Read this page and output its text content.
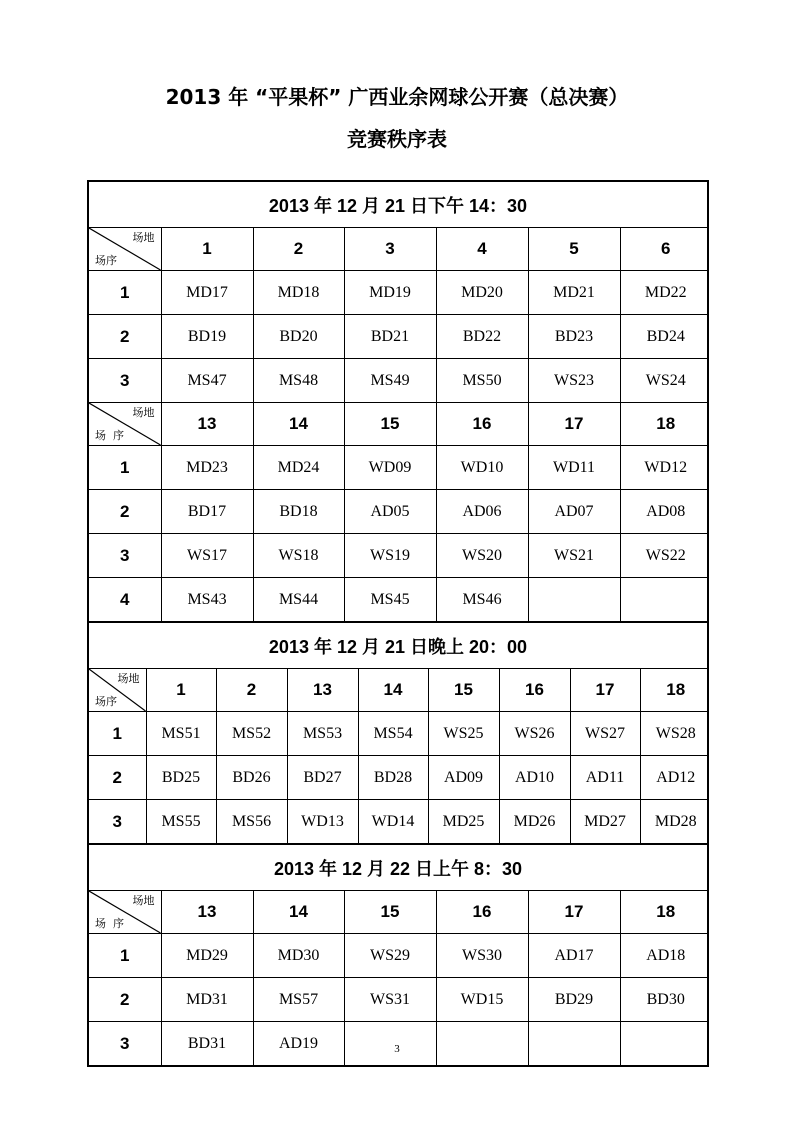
2013 年 “平果杯” 广西业余网球公开赛（总决赛）
竞赛秩序表
2013 年 12 月 21 日下午 14：30

场地
场序
	1	2	3	4	5	6
1	MD17	MD18	MD19	MD20	MD21	MD22
2	BD19	BD20	BD21	BD22	BD23	BD24
3	MS47	MS48	MS49	MS50	WS23	WS24

场地
场  序
	13	14	15	16	17	18
1	MD23	MD24	WD09	WD10	WD11	WD12
2	BD17	BD18	AD05	AD06	AD07	AD08
3	WS17	WS18	WS19	WS20	WS21	WS22
4	MS43	MS44	MS45	MS46		

2013 年 12 月 21 日晚上 20：00

场地
场序
	1	2	13	14	15	16	17	18
1	MS51	MS52	MS53	MS54	WS25	WS26	WS27	WS28
2	BD25	BD26	BD27	BD28	AD09	AD10	AD11	AD12
3	MS55	MS56	WD13	WD14	MD25	MD26	MD27	MD28

2013 年 12 月 22 日上午 8：30

场地
场  序
	13	14	15	16	17	18
1	MD29	MD30	WS29	WS30	AD17	AD18
2	MD31	MS57	WS31	WD15	BD29	BD30
3	BD31	AD19					3
